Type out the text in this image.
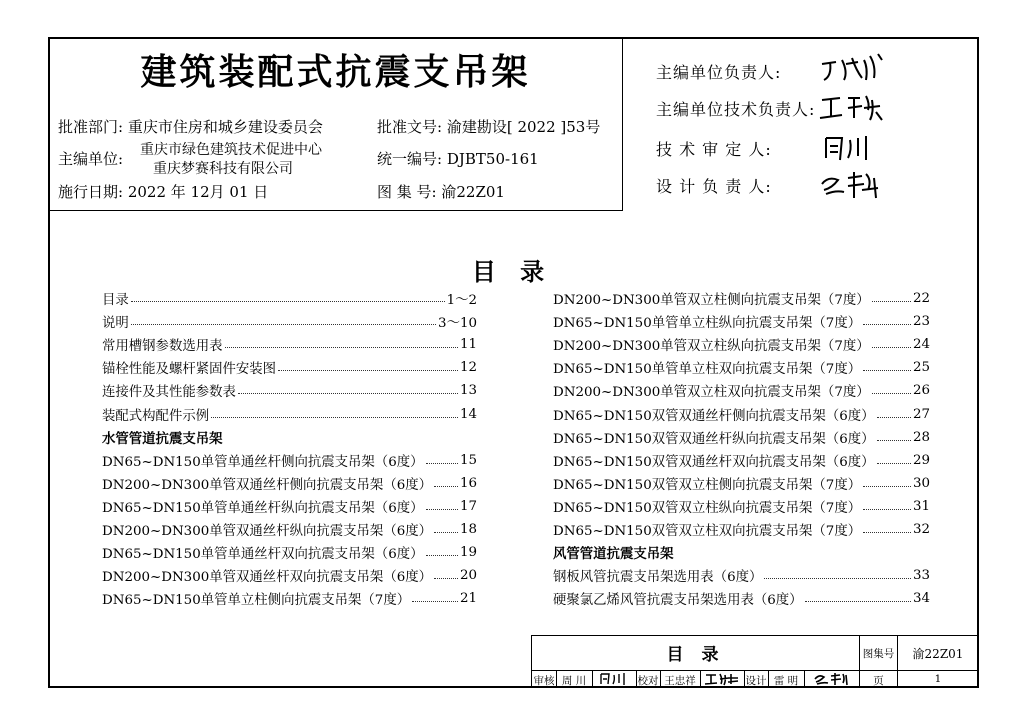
建筑装配式抗震支吊架
批准部门: 重庆市住房和城乡建设委员会
主编单位: 重庆市绿色建筑技术促进中心
重庆梦赛科技有限公司
施行日期: 2022 年 12月 01 日
批准文号: 渝建勘设[ 2022 ]53号
统一编号: DJBT50-161
图 集 号: 渝22Z01
主编单位负责人:
主编单位技术负责人:
技 术 审 定 人:
设 计 负 责 人:
目 录
目录	1～2
说明	3～10
常用槽钢参数选用表	11
锚栓性能及螺杆紧固件安装图	12
连接件及其性能参数表	13
装配式构配件示例	14
水管管道抗震支吊架
DN65~DN150单管单通丝杆侧向抗震支吊架（6度）	15
DN200~DN300单管双通丝杆侧向抗震支吊架（6度） 16
DN65~DN150单管单通丝杆纵向抗震支吊架（6度）	17
DN200~DN300单管双通丝杆纵向抗震支吊架（6度） 18
DN65~DN150单管单通丝杆双向抗震支吊架（6度）	19
DN200~DN300单管双通丝杆双向抗震支吊架（6度） 20
DN65~DN150单管单立柱侧向抗震支吊架（7度）	21
DN200~DN300单管双立柱侧向抗震支吊架（7度）	22
DN65~DN150单管单立柱纵向抗震支吊架（7度）	23
DN200~DN300单管双立柱纵向抗震支吊架（7度）	24
DN65~DN150单管单立柱双向抗震支吊架（7度）	25
DN200~DN300单管双立柱双向抗震支吊架（7度）	26
DN65~DN150双管双通丝杆侧向抗震支吊架（6度）	27
DN65~DN150双管双通丝杆纵向抗震支吊架（6度）	28
DN65~DN150双管双通丝杆双向抗震支吊架（6度）	29
DN65~DN150双管双立柱侧向抗震支吊架（7度）	30
DN65~DN150双管双立柱纵向抗震支吊架（7度）	31
DN65~DN150双管双立柱双向抗震支吊架（7度）	32
风管管道抗震支吊架
钢板风管抗震支吊架选用表（6度）	33
硬聚氯乙烯风管抗震支吊架选用表（6度）	34
目 录	图集号	渝22Z01
审核 周 川	校对 王忠祥	设计 雷 明	页	1
